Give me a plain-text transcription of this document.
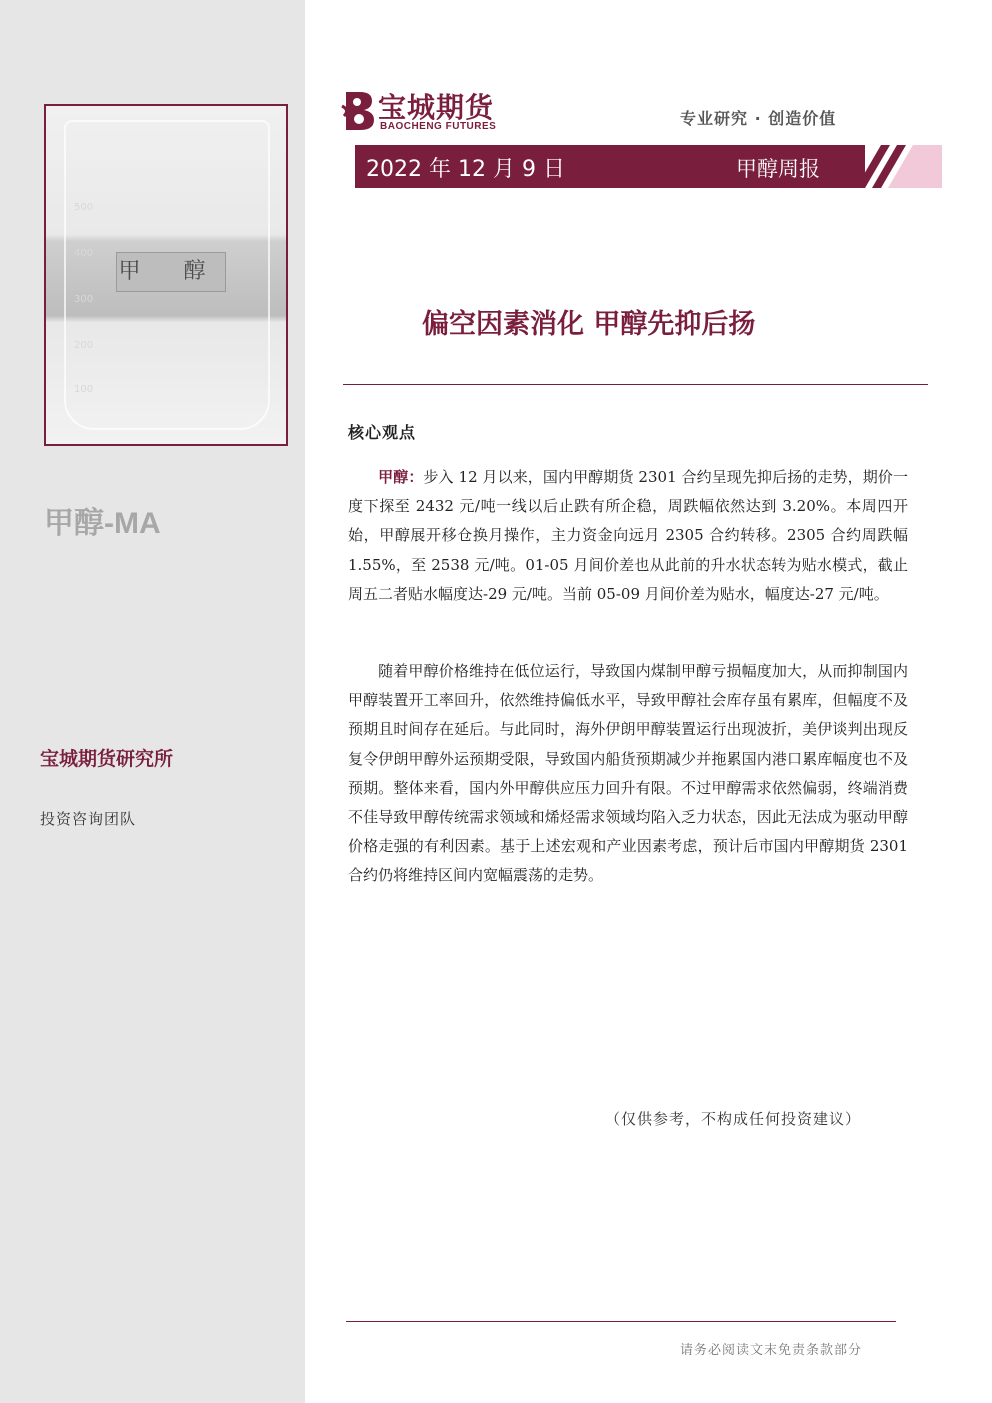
500
400
300
200
100
甲 醇
甲醇-MA
宝城期货研究所
投资咨询团队
宝城期货
BAOCHENG FUTURES	专业研究 · 创造价值
2022 年 12 月 9 日	甲醇周报
偏空因素消化 甲醇先抑后扬
核心观点
甲醇：步入 12 月以来，国内甲醇期货 2301 合约呈现先抑后扬的走势，期价一度下探至 2432 元/吨一线以后止跌有所企稳，周跌幅依然达到 3.20%。本周四开始，甲醇展开移仓换月操作，主力资金向远月 2305 合约转移。2305 合约周跌幅 1.55%，至 2538 元/吨。01-05 月间价差也从此前的升水状态转为贴水模式，截止周五二者贴水幅度达-29 元/吨。当前 05-09 月间价差为贴水，幅度达-27 元/吨。
随着甲醇价格维持在低位运行，导致国内煤制甲醇亏损幅度加大，从而抑制国内甲醇装置开工率回升，依然维持偏低水平，导致甲醇社会库存虽有累库，但幅度不及预期且时间存在延后。与此同时，海外伊朗甲醇装置运行出现波折，美伊谈判出现反复令伊朗甲醇外运预期受限，导致国内船货预期减少并拖累国内港口累库幅度也不及预期。整体来看，国内外甲醇供应压力回升有限。不过甲醇需求依然偏弱，终端消费不佳导致甲醇传统需求领域和烯烃需求领域均陷入乏力状态，因此无法成为驱动甲醇价格走强的有利因素。基于上述宏观和产业因素考虑，预计后市国内甲醇期货 2301 合约仍将维持区间内宽幅震荡的走势。
（仅供参考，不构成任何投资建议）
请务必阅读文末免责条款部分
